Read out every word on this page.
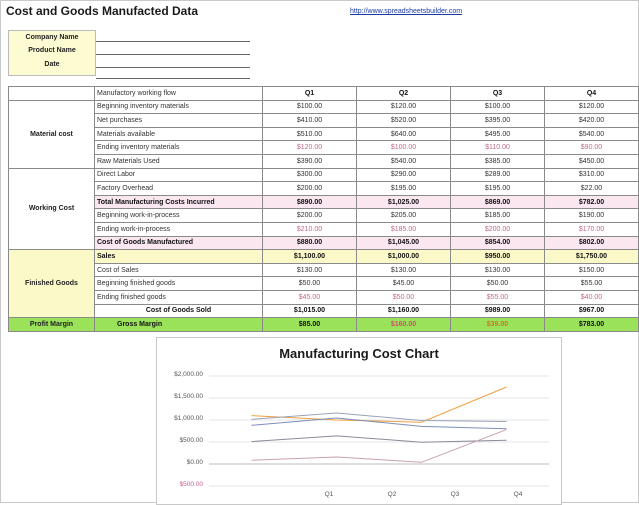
Cost and Goods Manufacted Data	http://www.spreadsheetsbuilder.com
Company Name
Product Name
Date
	Manufactory working flow	Q1	Q2	Q3	Q4
Material cost	Beginning inventory materials	$100.00	$120.00	$100.00	$120.00
	Net purchases	$410.00	$520.00	$395.00	$420.00
	Materials available	$510.00	$640.00	$495.00	$540.00
	Ending inventory materials	$120.00	$100.00	$110.00	$90.00
	Raw Materials Used	$390.00	$540.00	$385.00	$450.00
Working Cost	Direct Labor	$300.00	$290.00	$289.00	$310.00
	Factory Overhead	$200.00	$195.00	$195.00	$22.00
	Total Manufacturing Costs Incurred	$890.00	$1,025.00	$869.00	$782.00
	Beginning work-in-process	$200.00	$205.00	$185.00	$190.00
	Ending work-in-process	$210.00	$185.00	$200.00	$170.00
	Cost of Goods Manufactured	$880.00	$1,045.00	$854.00	$802.00
Finished Goods	Sales	$1,100.00	$1,000.00	$950.00	$1,750.00
	Cost of Sales	$130.00	$130.00	$130.00	$150.00
	Beginning finished goods	$50.00	$45.00	$50.00	$55.00
	Ending finished goods	$45.00	$50.00	$55.00	$40.00
	Cost of Goods Sold	$1,015.00	$1,160.00	$989.00	$967.00
Profit Margin	Gross Margin	$85.00	$160.00	$39.00	$783.00
Manufacturing Cost Chart
$2,000.00
$1,500.00
$1,000.00
$500.00
$0.00
$500.00
Q1	Q2	Q3	Q4
